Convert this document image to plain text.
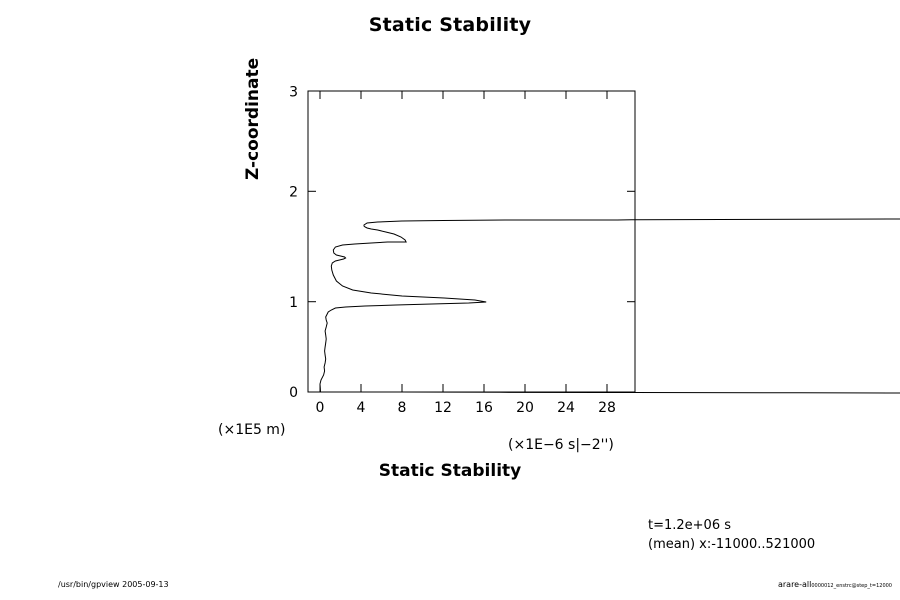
Static Stability
0
1
2
3
0 4 8 12 16 20 24 28
Z-coordinate
(×1E5 m)
(×1E−6 s|−2'')
Static Stability
t=1.2e+06 s
(mean) x:-11000..521000
/usr/bin/gpview 2005-09-13	arare-all0000012_enstrc@step_t=12000
